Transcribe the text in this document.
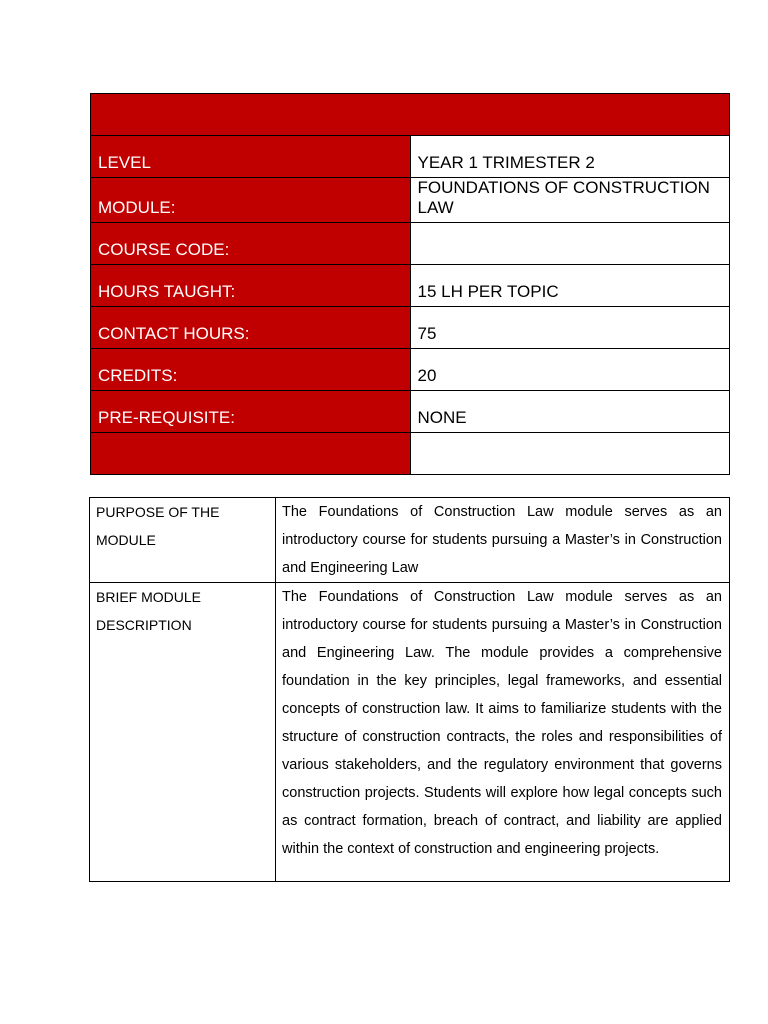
LEVEL	YEAR 1 TRIMESTER 2
MODULE:	FOUNDATIONS OF CONSTRUCTION LAW
COURSE CODE:	
HOURS TAUGHT:	15 LH PER TOPIC
CONTACT HOURS:	75
CREDITS:	20
PRE-REQUISITE:	NONE

PURPOSE OF THE
MODULE	The Foundations of Construction Law module serves as an introductory course for students pursuing a Master’s in Construction and Engineering Law
BRIEF MODULE
DESCRIPTION	The Foundations of Construction Law module serves as an introductory course for students pursuing a Master’s in Construction and Engineering Law. The module provides a comprehensive foundation in the key principles, legal frameworks, and essential concepts of construction law. It aims to familiarize students with the structure of construction contracts, the roles and responsibilities of various stakeholders, and the regulatory environment that governs construction projects. Students will explore how legal concepts such as contract formation, breach of contract, and liability are applied within the context of construction and engineering projects.
